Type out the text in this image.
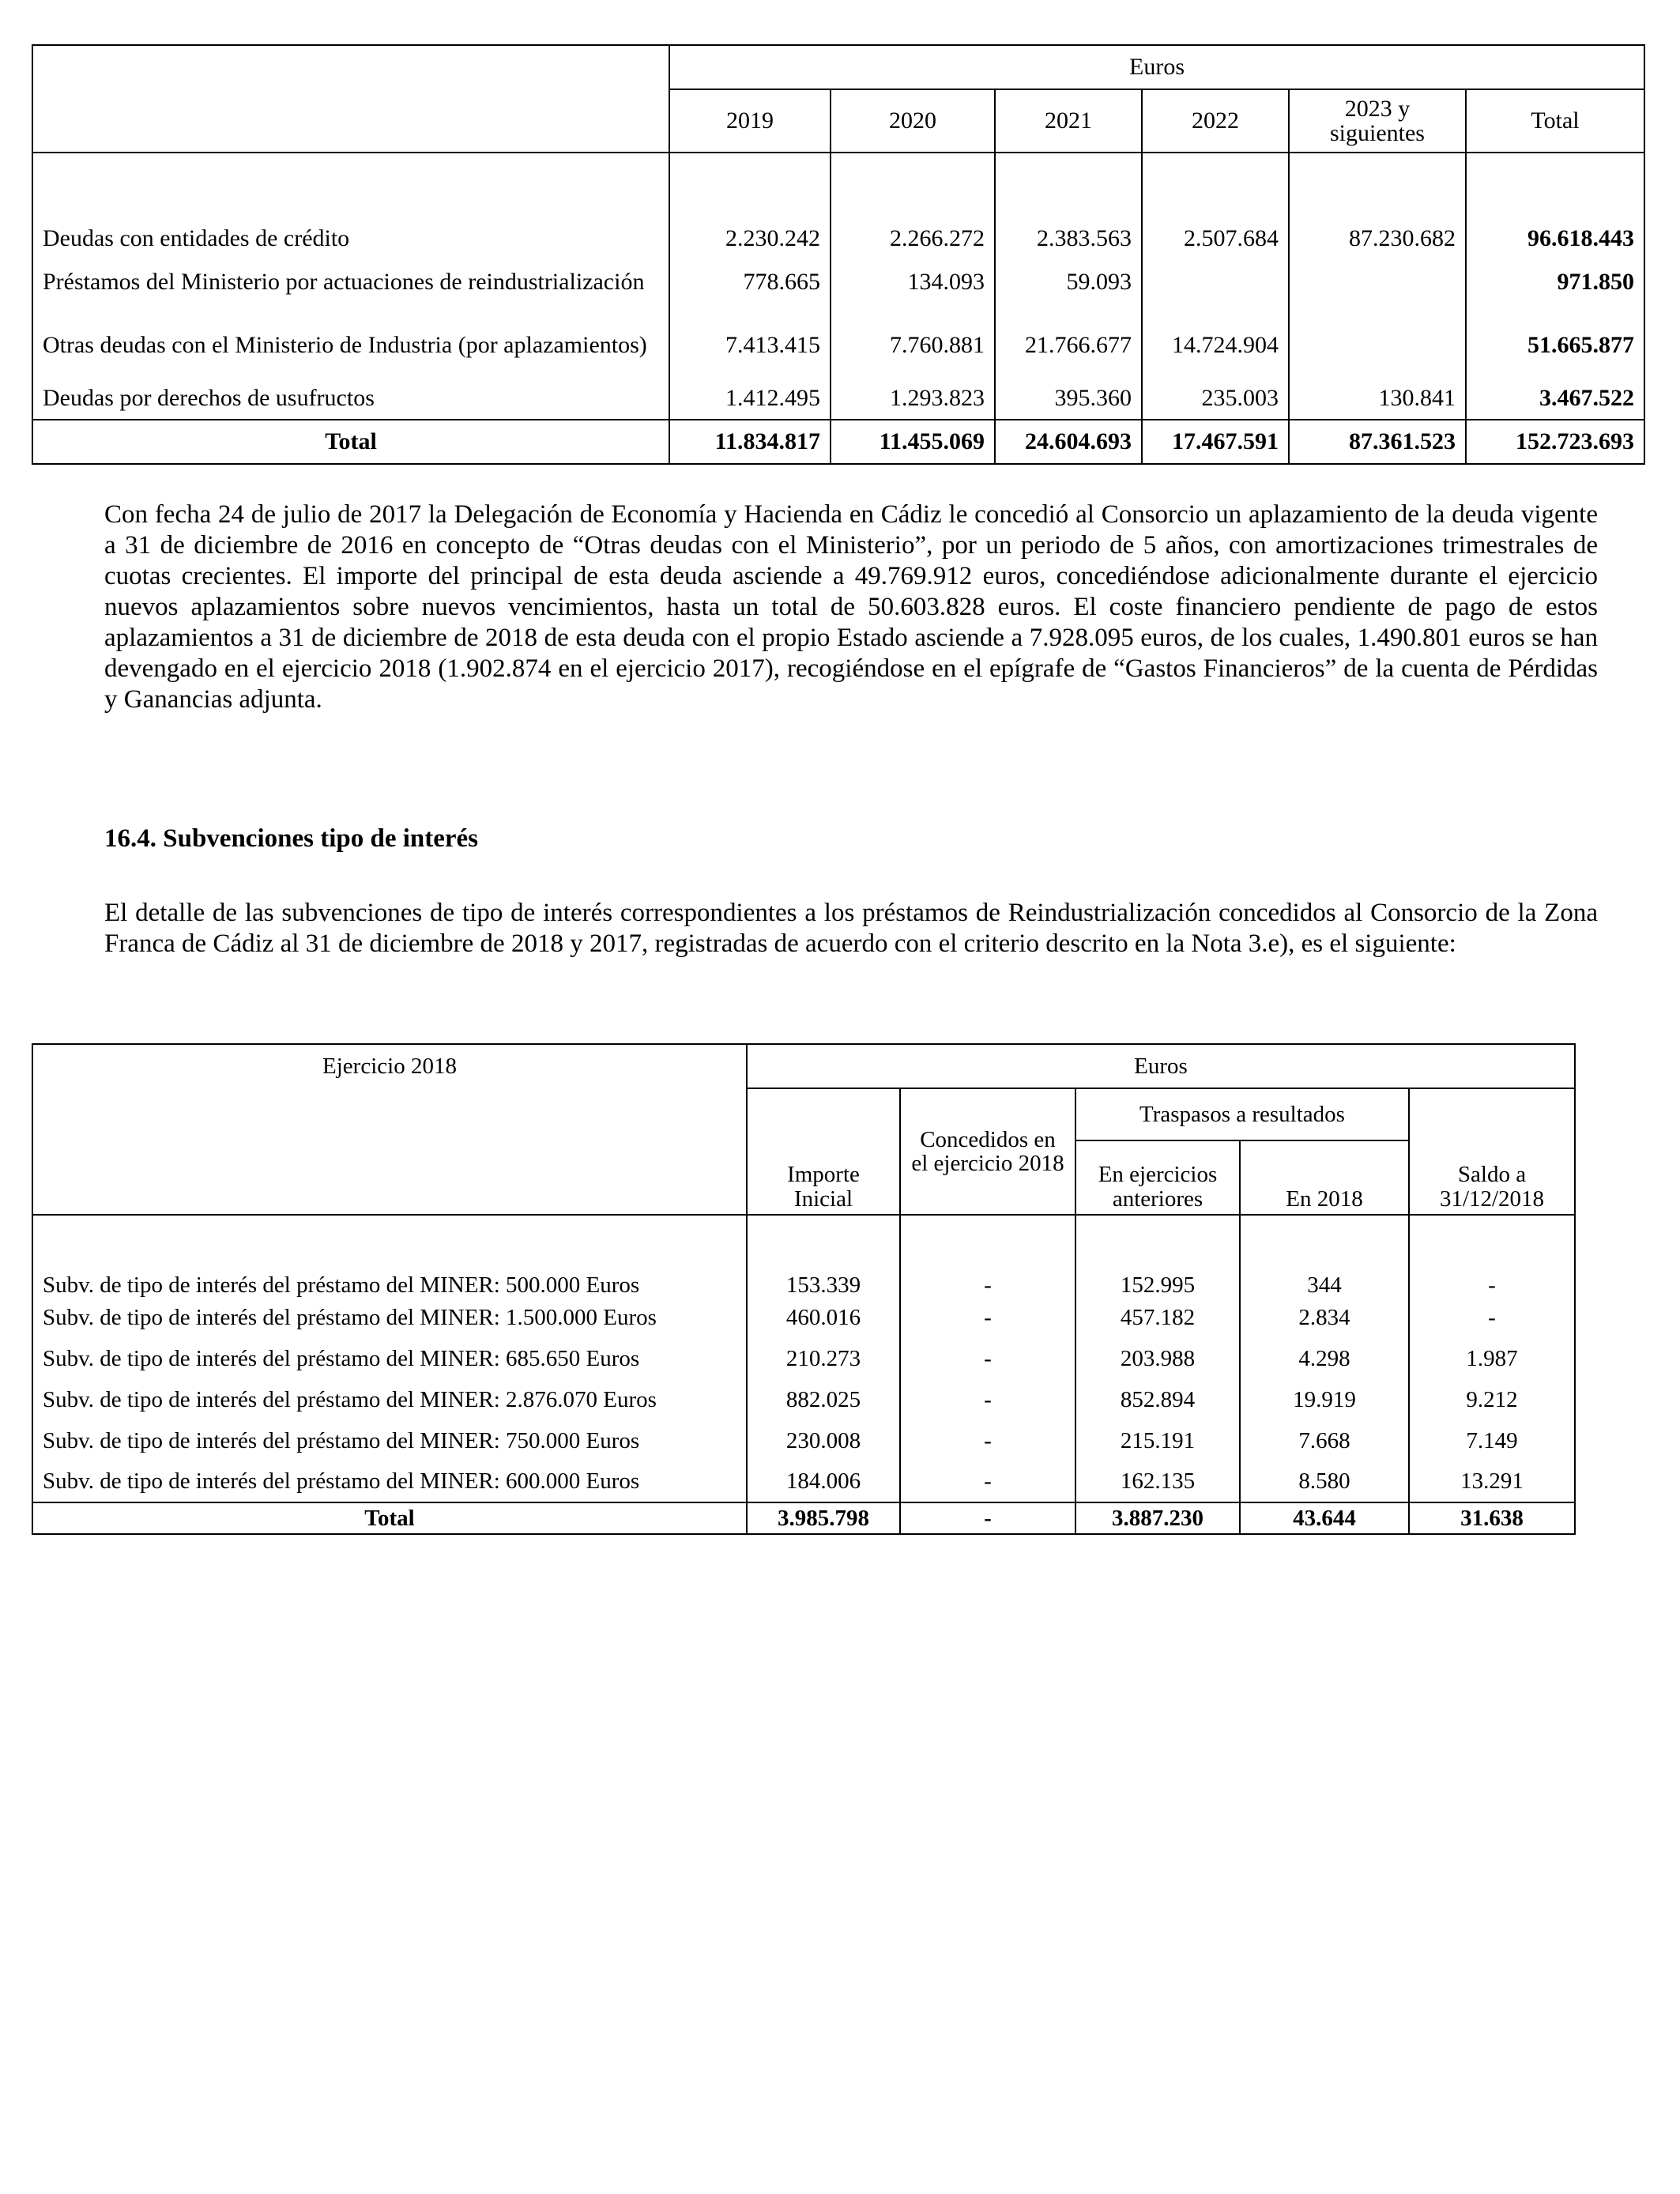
	Euros					
	2019	2020	2021	2022	2023 y siguientes	Total
Deudas con entidades de crédito	2.230.242	2.266.272	2.383.563	2.507.684	87.230.682	96.618.443
Préstamos del Ministerio por actuaciones de reindustrialización	778.665	134.093	59.093			971.850
Otras deudas con el Ministerio de Industria (por aplazamientos)	7.413.415	7.760.881	21.766.677	14.724.904		51.665.877
Deudas por derechos de usufructos	1.412.495	1.293.823	395.360	235.003	130.841	3.467.522
Total	11.834.817	11.455.069	24.604.693	17.467.591	87.361.523	152.723.693

Con fecha 24 de julio de 2017 la Delegación de Economía y Hacienda en Cádiz le concedió al Consorcio un aplazamiento de la deuda vigente a 31 de diciembre de 2016 en concepto de “Otras deudas con el Ministerio”, por un periodo de 5 años, con amortizaciones trimestrales de cuotas crecientes. El importe del principal de esta deuda asciende a 49.769.912 euros, concediéndose adicionalmente durante el ejercicio nuevos aplazamientos sobre nuevos vencimientos, hasta un total de 50.603.828 euros. El coste financiero pendiente de pago de estos aplazamientos a 31 de diciembre de 2018 de esta deuda con el propio Estado asciende a 7.928.095 euros, de los cuales, 1.490.801 euros se han devengado en el ejercicio 2018 (1.902.874 en el ejercicio 2017), recogiéndose en el epígrafe de “Gastos Financieros” de la cuenta de Pérdidas y Ganancias adjunta.

16.4. Subvenciones tipo de interés

El detalle de las subvenciones de tipo de interés correspondientes a los préstamos de Reindustrialización concedidos al Consorcio de la Zona Franca de Cádiz al 31 de diciembre de 2018 y 2017, registradas de acuerdo con el criterio descrito en la Nota 3.e), es el siguiente:

Ejercicio 2018	Euros				
	Importe Inicial	Concedidos en el ejercicio 2018	Traspasos a resultados		Saldo a 31/12/2018
			En ejercicios anteriores	En 2018	
Subv. de tipo de interés del préstamo del MINER: 500.000 Euros	153.339	-	152.995	344	-
Subv. de tipo de interés del préstamo del MINER: 1.500.000 Euros	460.016	-	457.182	2.834	-
Subv. de tipo de interés del préstamo del MINER: 685.650 Euros	210.273	-	203.988	4.298	1.987
Subv. de tipo de interés del préstamo del MINER: 2.876.070 Euros	882.025	-	852.894	19.919	9.212
Subv. de tipo de interés del préstamo del MINER: 750.000 Euros	230.008	-	215.191	7.668	7.149
Subv. de tipo de interés del préstamo del MINER: 600.000 Euros	184.006	-	162.135	8.580	13.291
Total	3.985.798	-	3.887.230	43.644	31.638
